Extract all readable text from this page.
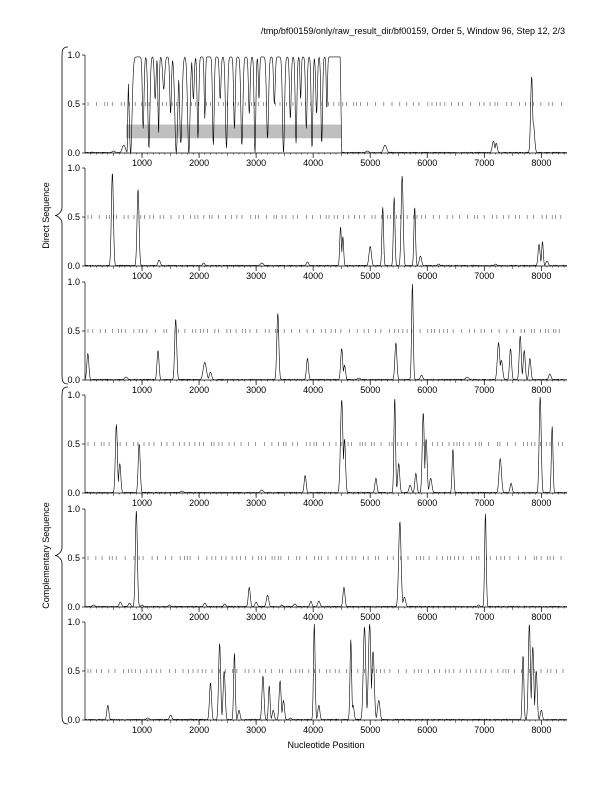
/tmp/bf00159/only/raw_result_dir/bf00159, Order 5, Window 96, Step 12, 2/3
0.0
0.5
1.0
1000	2000	3000	4000	5000	6000	7000	8000
0.0
0.5
1.0
1000	2000	3000	4000	5000	6000	7000	8000
0.0
0.5
1.0
1000	2000	3000	4000	5000	6000	7000	8000
0.0
0.5
1.0
1000	2000	3000	4000	5000	6000	7000	8000
0.0
0.5
1.0
1000	2000	3000	4000	5000	6000	7000	8000
0.0
0.5
1.0
1000	2000	3000	4000	5000	6000	7000	8000
Direct Sequence
Complementary Sequence
Nucleotide Position
